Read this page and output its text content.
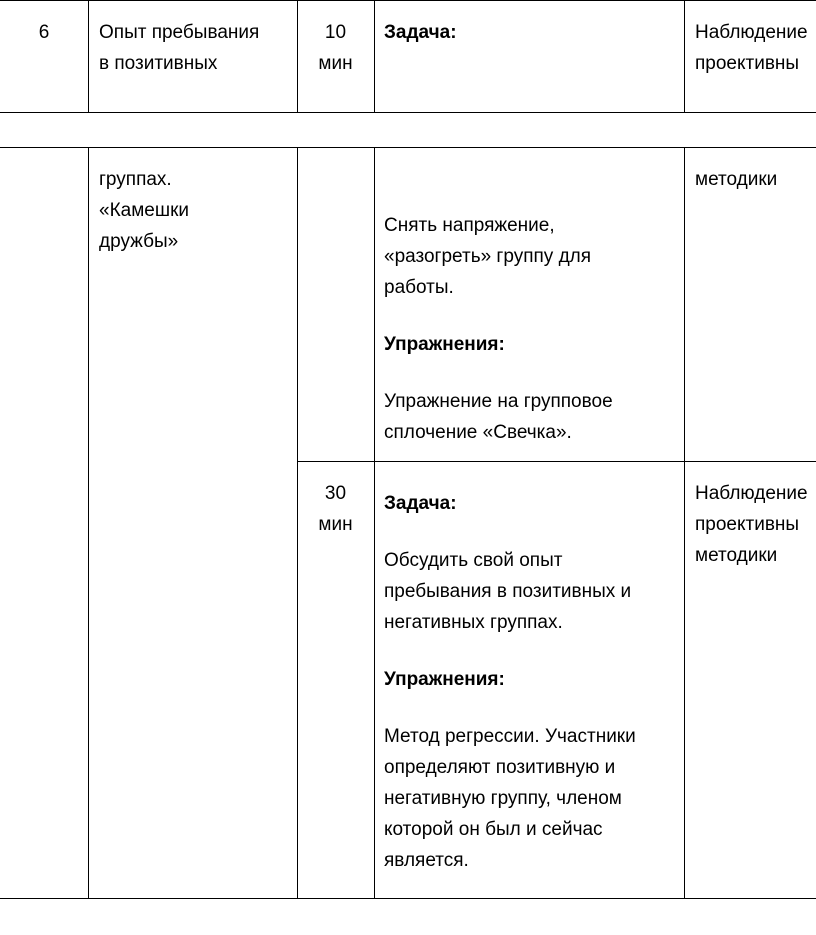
6	Опыт пребывания
в позитивных
10
мин
Задача:	Наблюдение
проективны
группах.
«Камешки
дружбы»
Снять напряжение,
«разогреть» группу для
работы.
Упражнения:
Упражнение на групповое
сплочение «Свечка».
методики
30
мин
Задача:
Обсудить свой опыт
пребывания в позитивных и
негативных группах.
Упражнения:
Метод регрессии. Участники
определяют позитивную и
негативную группу, членом
которой он был и сейчас
является.
Наблюдение
проективны
методики
